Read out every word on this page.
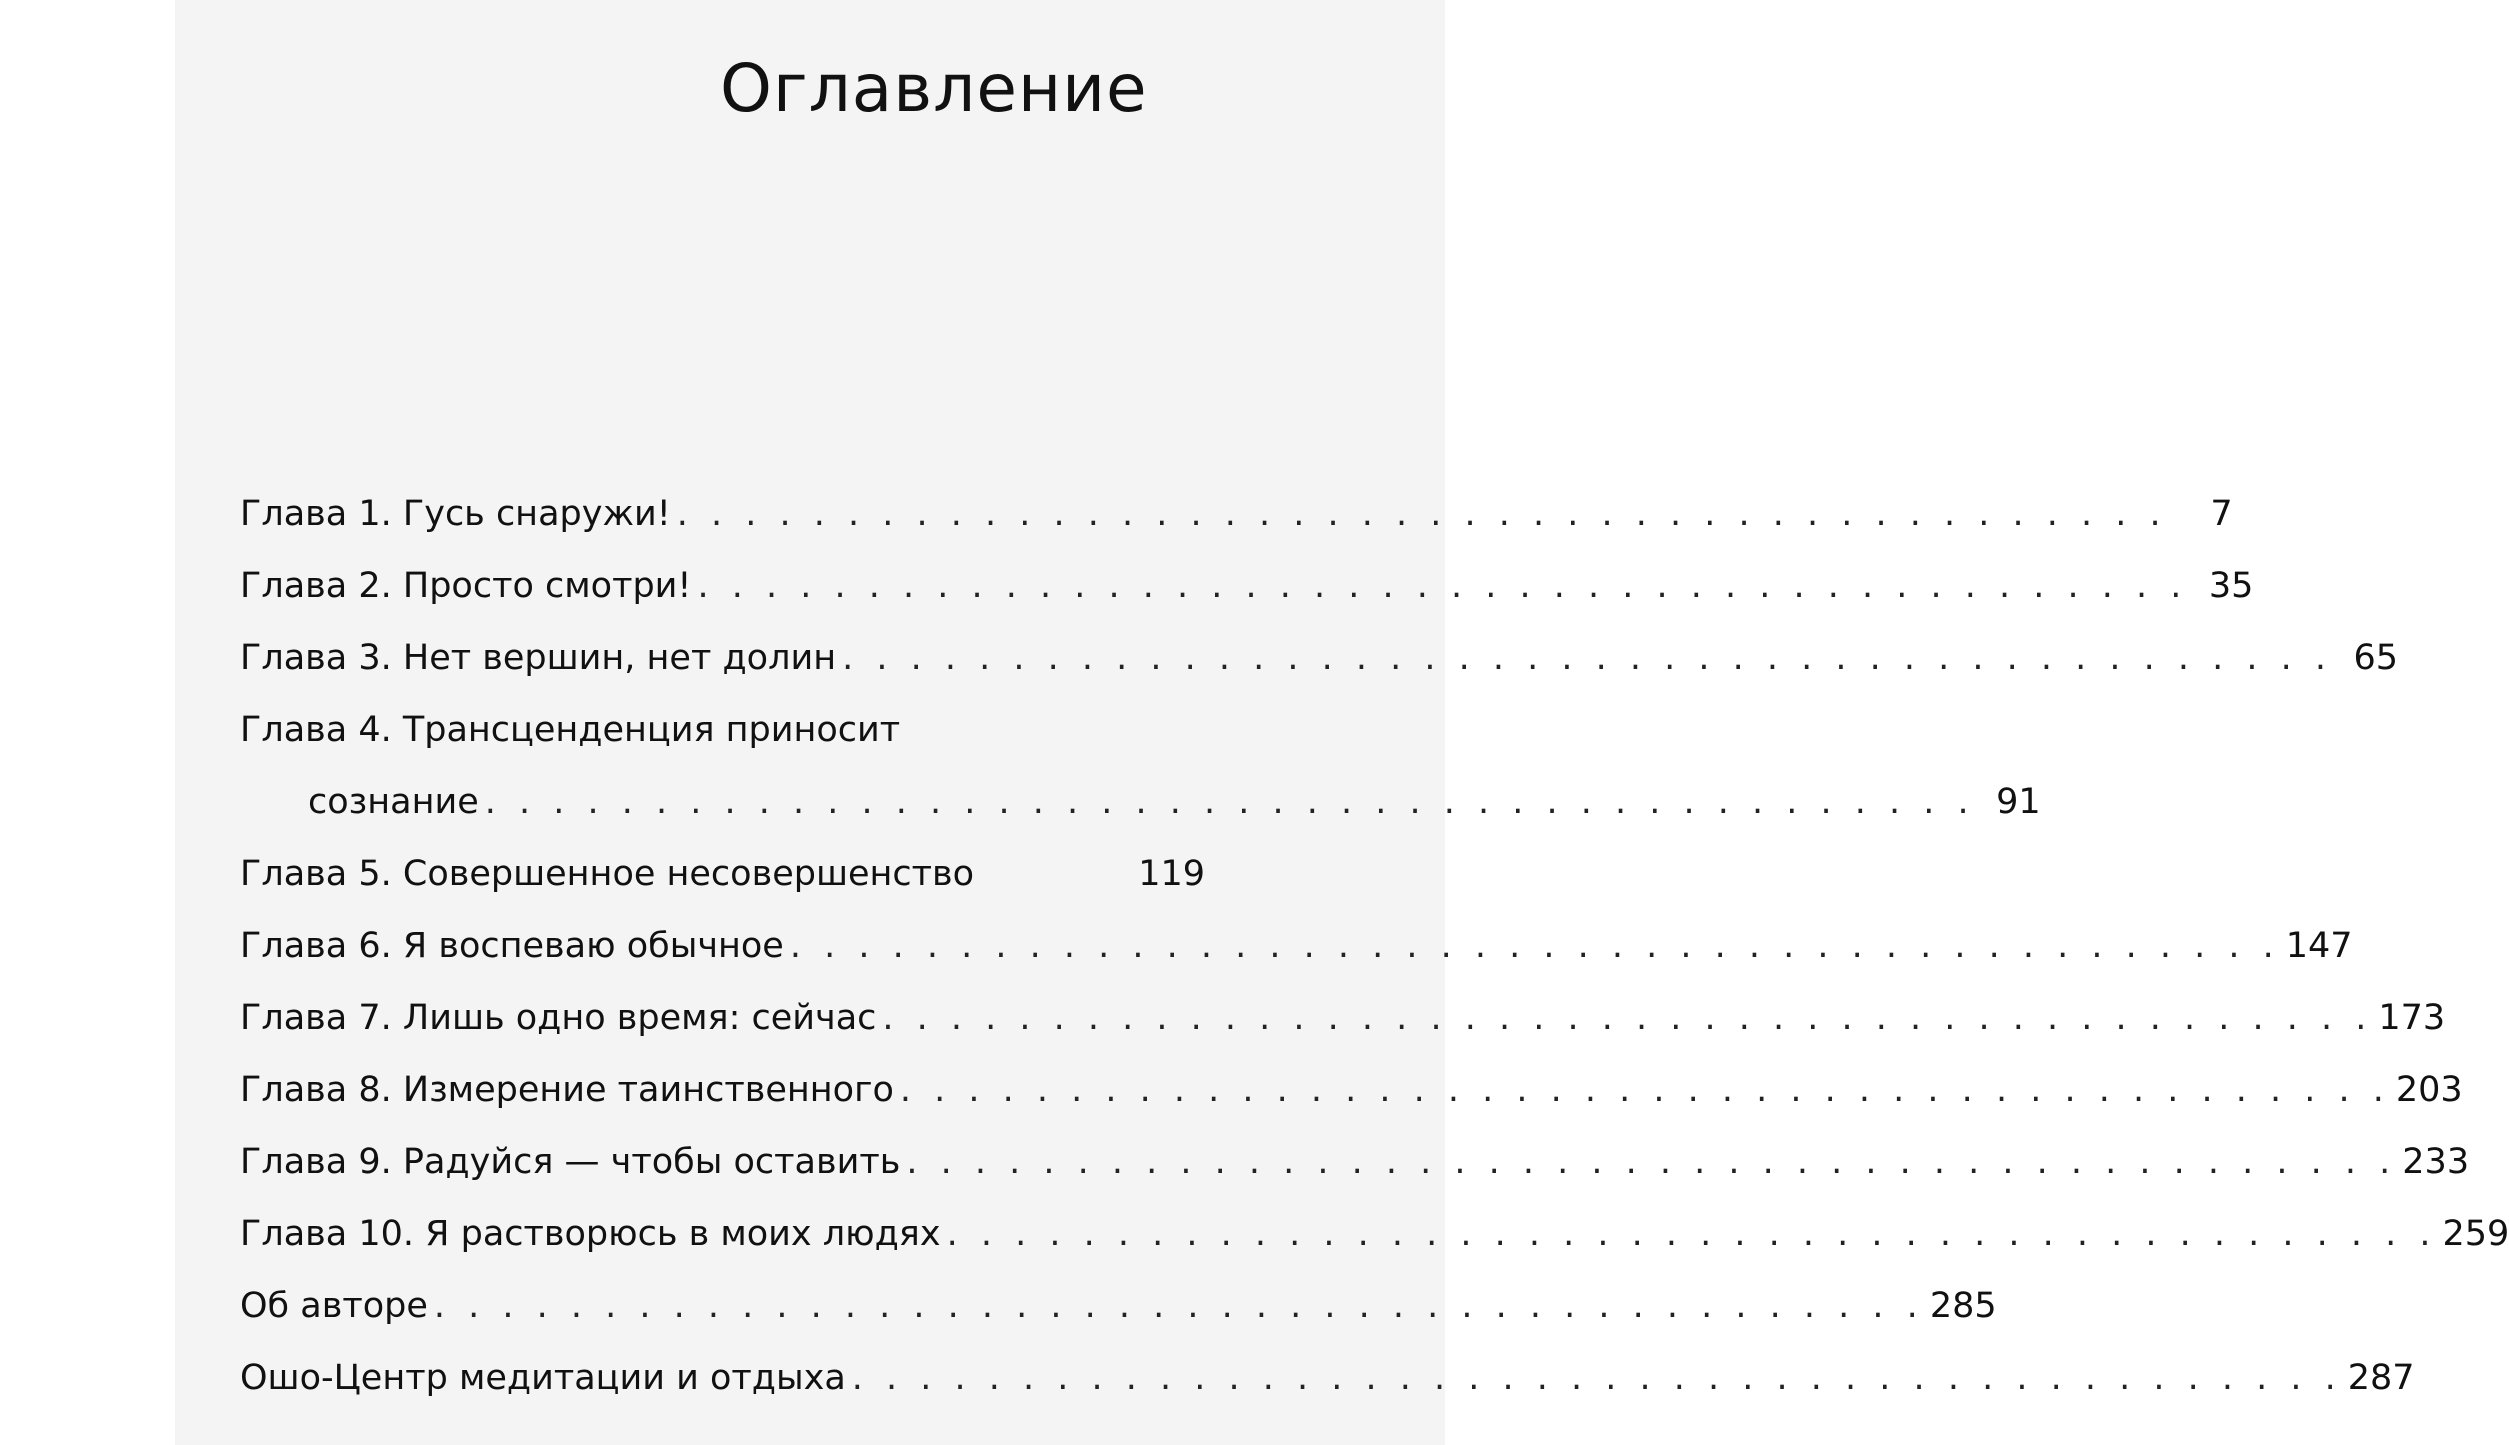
Оглавление
Глава 1. Гусь снаружи! . . . . . . . . . . . . . . . . . . . . . . . . . . . . . . . . . . . . . . . . . . . .	7
Глава 2. Просто смотри! . . . . . . . . . . . . . . . . . . . . . . . . . . . . . . . . . . . . . . . . . . . . 35
Глава 3. Нет вершин, нет долин . . . . . . . . . . . . . . . . . . . . . . . . . . . . . . . . . . . . . . . . . . . . 65
Глава 4. Трансценденция приносит
сознание . . . . . . . . . . . . . . . . . . . . . . . . . . . . . . . . . . . . . . . . . . . . 91
Глава 5. Совершенное несовершенство	119
Глава 6. Я воспеваю обычное . . . . . . . . . . . . . . . . . . . . . . . . . . . . . . . . . . . . . . . . . . . . 147
Глава 7. Лишь одно время: сейчас . . . . . . . . . . . . . . . . . . . . . . . . . . . . . . . . . . . . . . . . . . . . 173
Глава 8. Измерение таинственного . . . . . . . . . . . . . . . . . . . . . . . . . . . . . . . . . . . . . . . . . . . . 203
Глава 9. Радуйся — чтобы оставить . . . . . . . . . . . . . . . . . . . . . . . . . . . . . . . . . . . . . . . . . . . . 233
Глава 10. Я растворюсь в моих людях . . . . . . . . . . . . . . . . . . . . . . . . . . . . . . . . . . . . . . . . . . . . 259
Об авторе . . . . . . . . . . . . . . . . . . . . . . . . . . . . . . . . . . . . . . . . . . . . 285
Ошо-Центр медитации и отдыха . . . . . . . . . . . . . . . . . . . . . . . . . . . . . . . . . . . . . . . . . . . . 287
